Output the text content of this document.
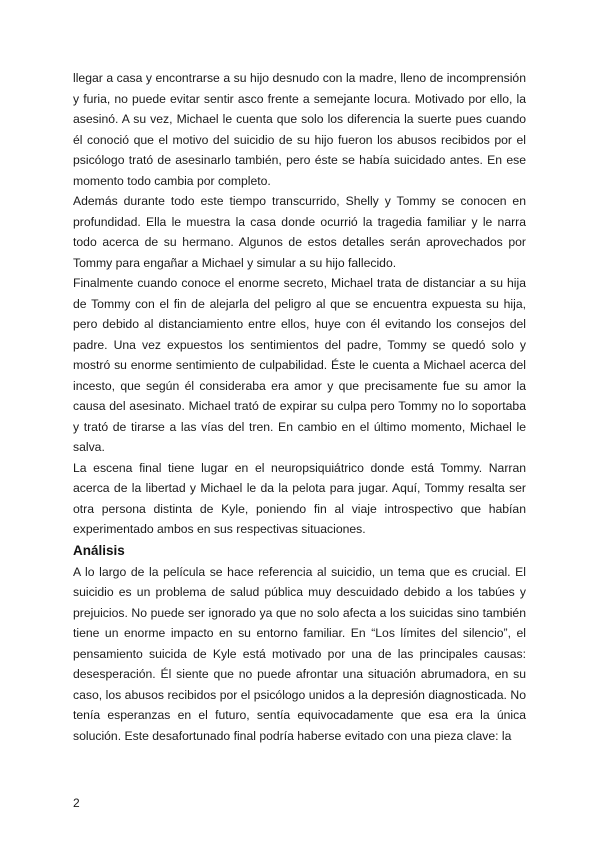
llegar a casa y encontrarse a su hijo desnudo con la madre, lleno de incomprensión y furia, no puede evitar sentir asco frente a semejante locura. Motivado por ello, la asesinó. A su vez, Michael le cuenta que solo los diferencia la suerte pues cuando él conoció que el motivo del suicidio de su hijo fueron los abusos recibidos por el psicólogo trató de asesinarlo también, pero éste se había suicidado antes. En ese momento todo cambia por completo.

Además durante todo este tiempo transcurrido, Shelly y Tommy se conocen en profundidad. Ella le muestra la casa donde ocurrió la tragedia familiar y le narra todo acerca de su hermano. Algunos de estos detalles serán aprovechados por Tommy para engañar a Michael y simular a su hijo fallecido.

Finalmente cuando conoce el enorme secreto, Michael trata de distanciar a su hija de Tommy con el fin de alejarla del peligro al que se encuentra expuesta su hija, pero debido al distanciamiento entre ellos, huye con él evitando los consejos del padre. Una vez expuestos los sentimientos del padre, Tommy se quedó solo y mostró su enorme sentimiento de culpabilidad. Éste le cuenta a Michael acerca del incesto, que según él consideraba era amor y que precisamente fue su amor la causa del asesinato. Michael trató de expirar su culpa pero Tommy no lo soportaba y trató de tirarse a las vías del tren. En cambio en el último momento, Michael le salva.

La escena final tiene lugar en el neuropsiquiátrico donde está Tommy. Narran acerca de la libertad y Michael le da la pelota para jugar. Aquí, Tommy resalta ser otra persona distinta de Kyle, poniendo fin al viaje introspectivo que habían experimentado ambos en sus respectivas situaciones.

Análisis

A lo largo de la película se hace referencia al suicidio, un tema que es crucial. El suicidio es un problema de salud pública muy descuidado debido a los tabúes y prejuicios. No puede ser ignorado ya que no solo afecta a los suicidas sino también tiene un enorme impacto en su entorno familiar. En “Los límites del silencio”, el pensamiento suicida de Kyle está motivado por una de las principales causas: desesperación. Él siente que no puede afrontar una situación abrumadora, en su caso, los abusos recibidos por el psicólogo unidos a la depresión diagnosticada. No tenía esperanzas en el futuro, sentía equivocadamente que esa era la única solución. Este desafortunado final podría haberse evitado con una pieza clave: la

2
